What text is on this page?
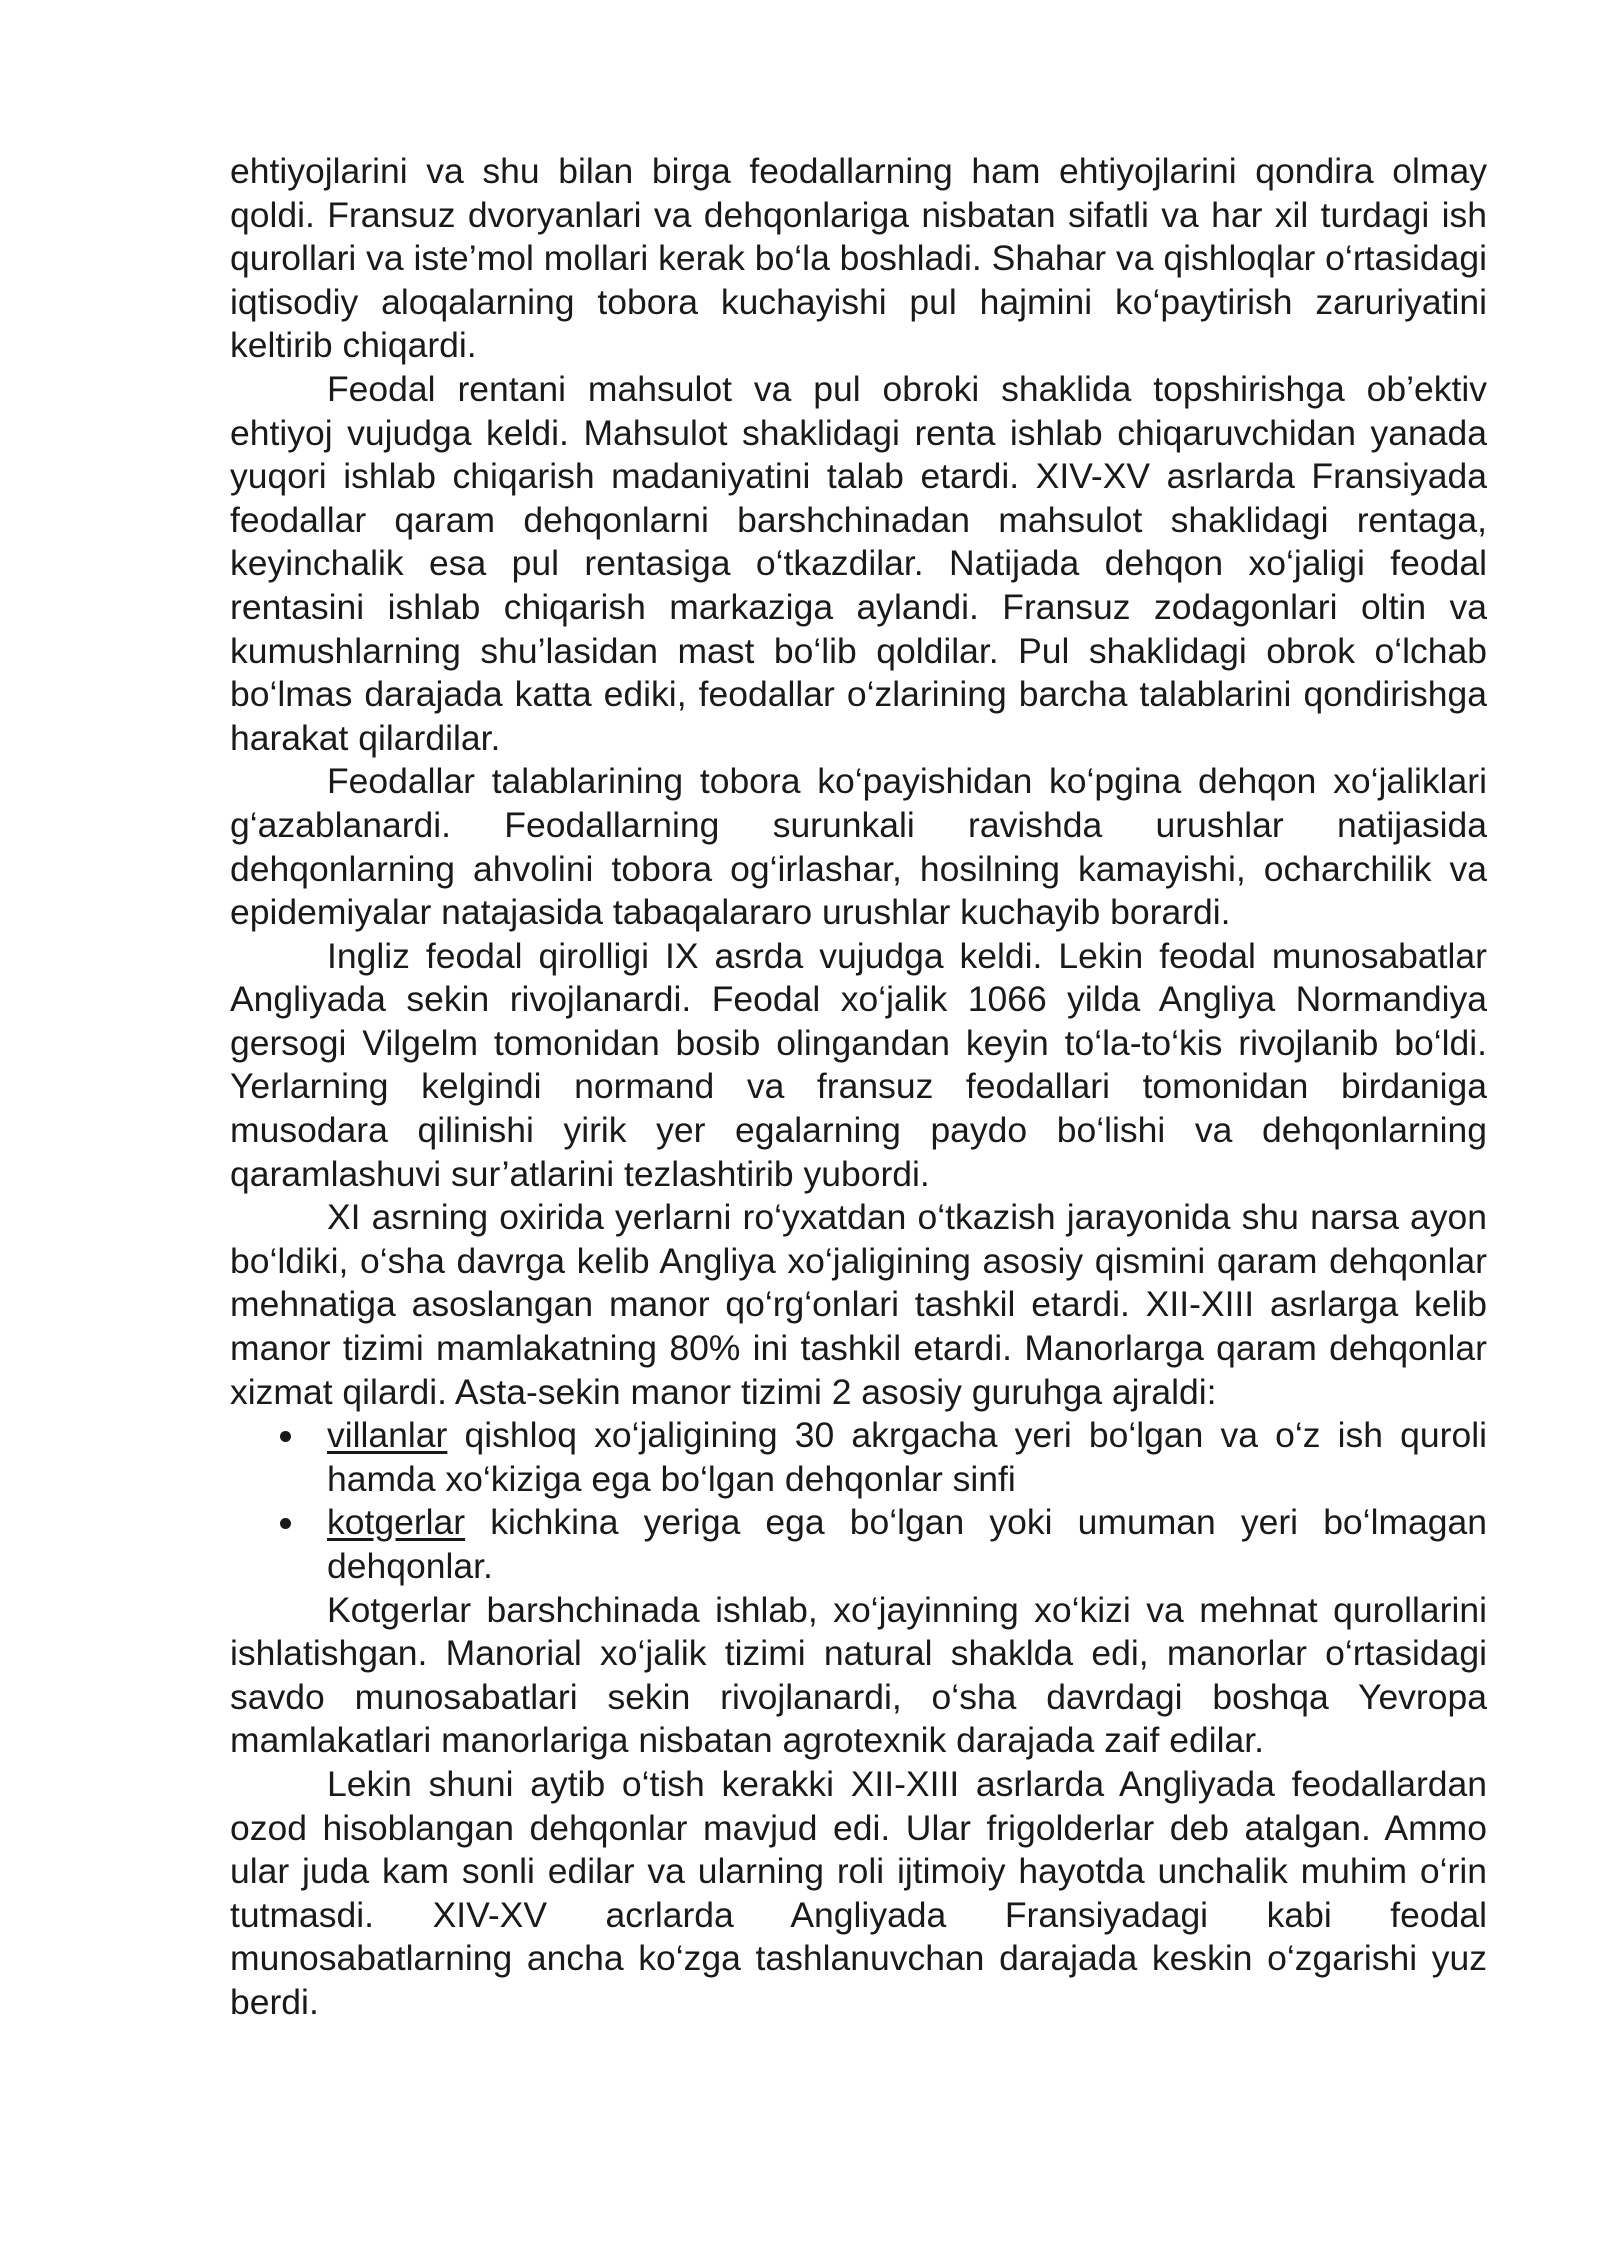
ehtiyojlarini va shu bilan birga feodallarning ham ehtiyojlarini qondira olmay qoldi. Fransuz dvoryanlari va dehqonlariga nisbatan sifatli va har xil turdagi ish qurollari va iste’mol mollari kerak bo‘la boshladi. Shahar va qishloqlar o‘rtasidagi iqtisodiy aloqalarning tobora kuchayishi pul hajmini ko‘paytirish zaruriyatini keltirib chiqardi.

Feodal rentani mahsulot va pul obroki shaklida topshirishga ob’ektiv ehtiyoj vujudga keldi. Mahsulot shaklidagi renta ishlab chiqaruvchidan yanada yuqori ishlab chiqarish madaniyatini talab etardi. XIV-XV asrlarda Fransiyada feodallar qaram dehqonlarni barshchinadan mahsulot shaklidagi rentaga, keyinchalik esa pul rentasiga o‘tkazdilar. Natijada dehqon xo‘jaligi feodal rentasini ishlab chiqarish markaziga aylandi. Fransuz zodagonlari oltin va kumushlarning shu’lasidan mast bo‘lib qoldilar. Pul shaklidagi obrok o‘lchab bo‘lmas darajada katta ediki, feodallar o‘zlarining barcha talablarini qondirishga harakat qilardilar.

Feodallar talablarining tobora ko‘payishidan ko‘pgina dehqon xo‘jaliklari g‘azablanardi. Feodallarning surunkali ravishda urushlar natijasida dehqonlarning ahvolini tobora og‘irlashar, hosilning kamayishi, ocharchilik va epidemiyalar natajasida tabaqalararo urushlar kuchayib borardi.

Ingliz feodal qirolligi IX asrda vujudga keldi. Lekin feodal munosabatlar Angliyada sekin rivojlanardi. Feodal xo‘jalik 1066 yilda Angliya Normandiya gersogi Vilgelm tomonidan bosib olingandan keyin to‘la-to‘kis rivojlanib bo‘ldi. Yerlarning kelgindi normand va fransuz feodallari tomonidan birdaniga musodara qilinishi yirik yer egalarning paydo bo‘lishi va dehqonlarning qaramlashuvi sur’atlarini tezlashtirib yubordi.

XI asrning oxirida yerlarni ro‘yxatdan o‘tkazish jarayonida shu narsa ayon bo‘ldiki, o‘sha davrga kelib Angliya xo‘jaligining asosiy qismini qaram dehqonlar mehnatiga asoslangan manor qo‘rg‘onlari tashkil etardi. XII-XIII asrlarga kelib manor tizimi mamlakatning 80% ini tashkil etardi. Manorlarga qaram dehqonlar xizmat qilardi. Asta-sekin manor tizimi 2 asosiy guruhga ajraldi:

villanlar qishloq xo‘jaligining 30 akrgacha yeri bo‘lgan va o‘z ish quroli hamda xo‘kiziga ega bo‘lgan dehqonlar sinfi
kotgerlar kichkina yeriga ega bo‘lgan yoki umuman yeri bo‘lmagan dehqonlar.

Kotgerlar barshchinada ishlab, xo‘jayinning xo‘kizi va mehnat qurollarini ishlatishgan. Manorial xo‘jalik tizimi natural shaklda edi, manorlar o‘rtasidagi savdo munosabatlari sekin rivojlanardi, o‘sha davrdagi boshqa Yevropa mamlakatlari manorlariga nisbatan agrotexnik darajada zaif edilar.

Lekin shuni aytib o‘tish kerakki XII-XIII asrlarda Angliyada feodallardan ozod hisoblangan dehqonlar mavjud edi. Ular frigolderlar deb atalgan. Ammo ular juda kam sonli edilar va ularning roli ijtimoiy hayotda unchalik muhim o‘rin tutmasdi. XIV-XV acrlarda Angliyada Fransiyadagi kabi feodal munosabatlarning ancha ko‘zga tashlanuvchan darajada keskin o‘zgarishi yuz berdi.
